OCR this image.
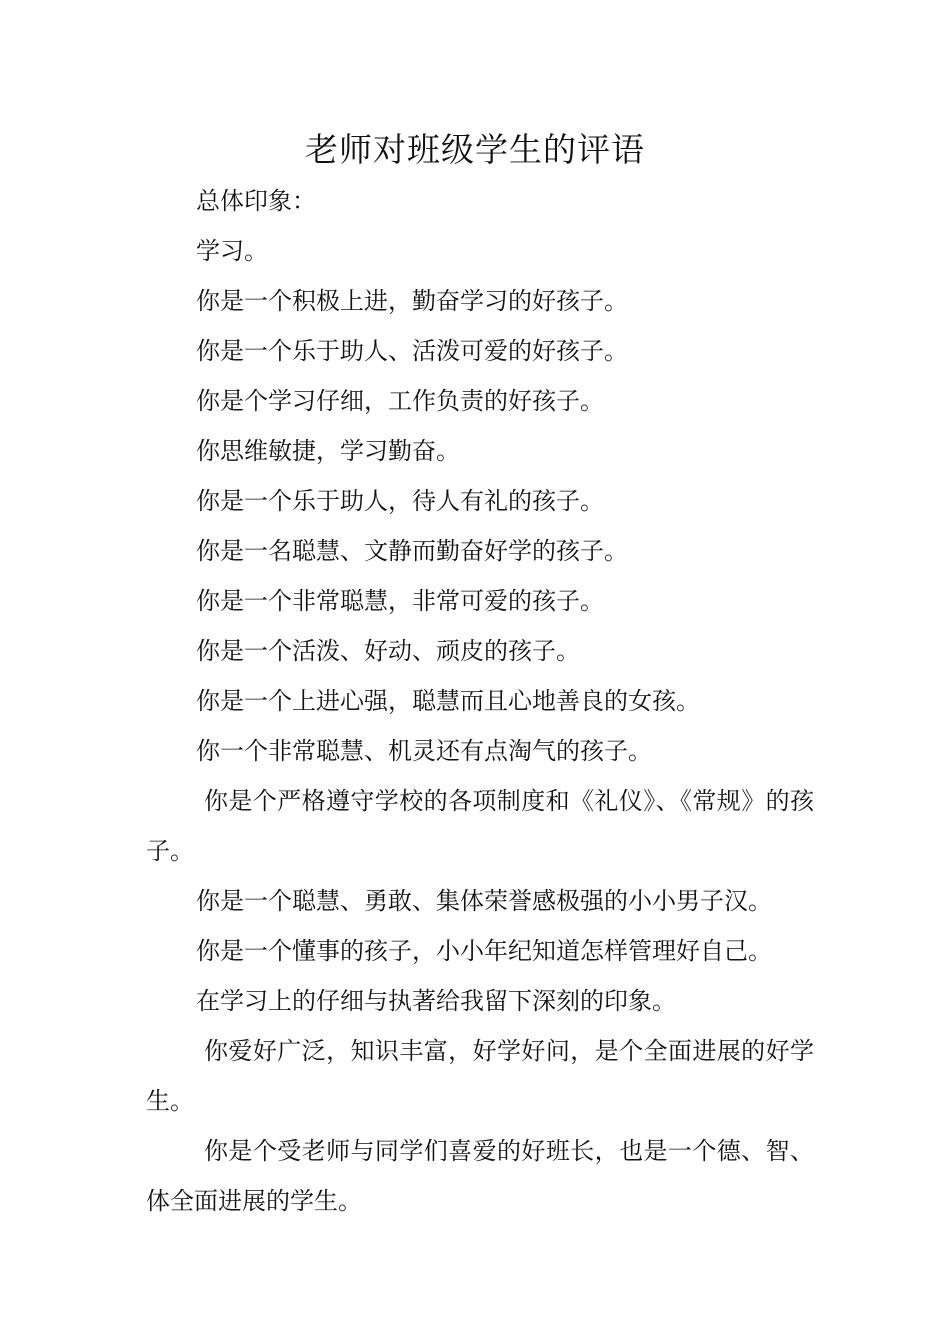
老师对班级学生的评语

总体印象：

学习。

你是一个积极上进，勤奋学习的好孩子。

你是一个乐于助人、活泼可爱的好孩子。

你是个学习仔细，工作负责的好孩子。

你思维敏捷，学习勤奋。

你是一个乐于助人，待人有礼的孩子。

你是一名聪慧、文静而勤奋好学的孩子。

你是一个非常聪慧，非常可爱的孩子。

你是一个活泼、好动、顽皮的孩子。

你是一个上进心强，聪慧而且心地善良的女孩。

你一个非常聪慧、机灵还有点淘气的孩子。

你是个严格遵守学校的各项制度和《礼仪》、《常规》的孩子。

你是一个聪慧、勇敢、集体荣誉感极强的小小男子汉。

你是一个懂事的孩子，小小年纪知道怎样管理好自己。

在学习上的仔细与执著给我留下深刻的印象。

你爱好广泛，知识丰富，好学好问，是个全面进展的好学生。

你是个受老师与同学们喜爱的好班长，也是一个德、智、体全面进展的学生。
